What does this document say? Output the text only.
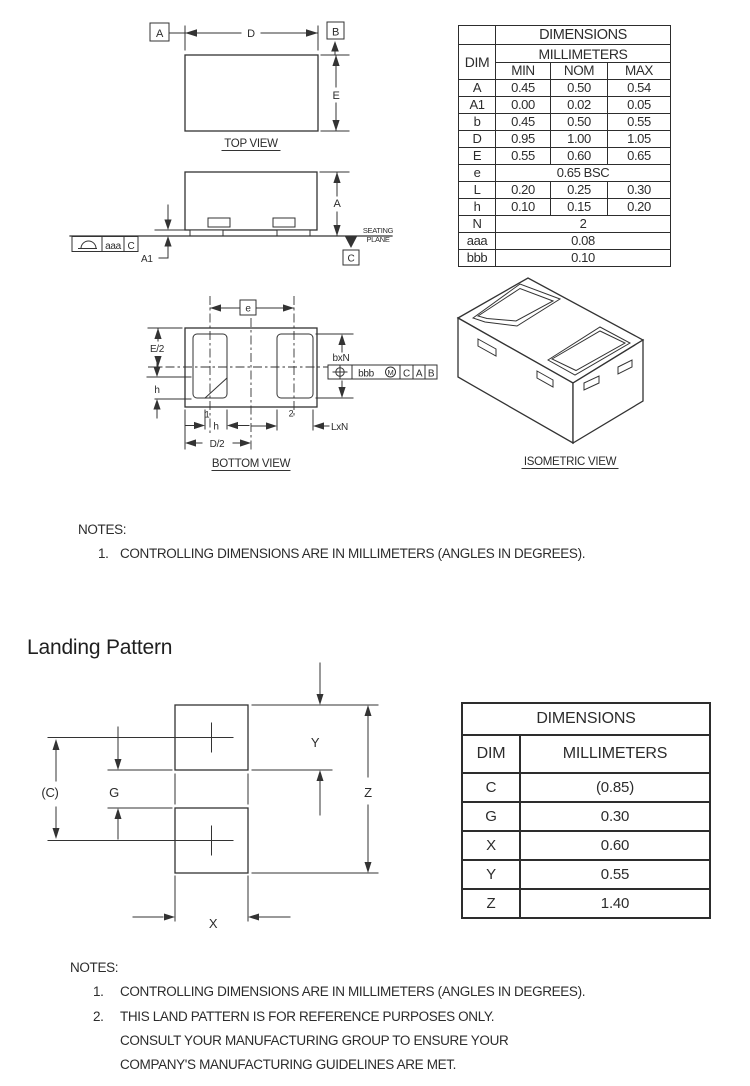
D
A	B
E
TOP VIEW
A
A1
aaa C
SEATING
PLANE
C
e
E/2
h
1	2
h
D/2
LxN
bxN
bbb M C A B
BOTTOM VIEW	ISOMETRIC VIEW
	DIMENSIONS		
DIM	MILLIMETERS		
	MIN	NOM	MAX
A	0.45	0.50	0.54
A1	0.00	0.02	0.05
b	0.45	0.50	0.55
D	0.95	1.00	1.05
E	0.55	0.60	0.65
e	0.65 BSC		
L	0.20	0.25	0.30
h	0.10	0.15	0.20
N	2		
aaa	0.08		
bbb	0.10		
NOTES:
1. CONTROLLING DIMENSIONS ARE IN MILLIMETERS (ANGLES IN DEGREES).
Landing Pattern
(C)	G
Y
Z
X
DIMENSIONS	
DIM	MILLIMETERS
C	(0.85)
G	0.30
X	0.60
Y	0.55
Z	1.40
NOTES:
1. CONTROLLING DIMENSIONS ARE IN MILLIMETERS (ANGLES IN DEGREES).
2. THIS LAND PATTERN IS FOR REFERENCE PURPOSES ONLY.
CONSULT YOUR MANUFACTURING GROUP TO ENSURE YOUR
COMPANY'S MANUFACTURING GUIDELINES ARE MET.
